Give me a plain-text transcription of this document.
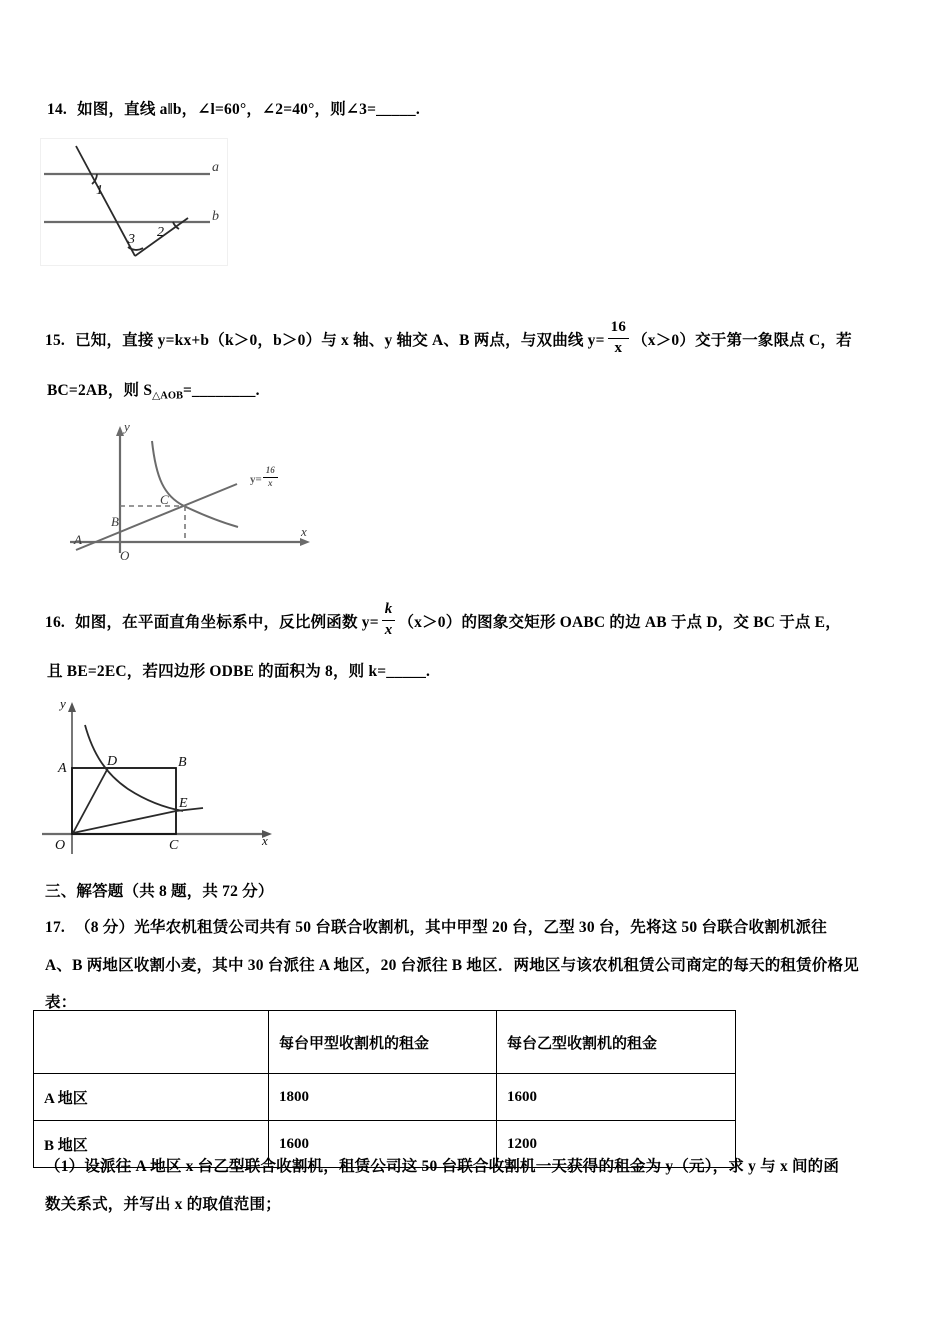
14. 如图，直线 a‖b，∠l=60°，∠2=40°，则∠3=_____.
a
b
1
2
3
15. 已知，直接 y=kx+b（k＞0，b＞0）与 x 轴、y 轴交 A、B 两点，与双曲线 $y= \frac{16}{x} (x>0)$交于第一象限点 C，若
BC=2AB，则 $S_{\triangle AOB}=\_\_\_\_\_\_\_\_$.
y
x
A
B
C
O
$y= \frac{16}{x}$
16. 如图，在平面直角坐标系中，反比例函数 $y= \frac{k}{x} (x>0)$的图象交矩形 OABC 的边 AB 于点 D，交 BC 于点 E，
且 BE=2EC，若四边形 ODBE 的面积为 8，则 k=_____.
A	B
C
D
E
O
y
x
三、解答题（共 8 题，共 72 分）
17. （8 分）光华农机租赁公司共有 50 台联合收割机，其中甲型 20 台，乙型 30 台，先将这 50 台联合收割机派往
A、B 两地区收割小麦，其中 30 台派往 A 地区，20 台派往 B 地区．两地区与该农机租赁公司商定的每天的租赁价格见
表：
	每台甲型收割机的租金	每台乙型收割机的租金
A 地区	1800	1600
B 地区	1600	1200
（1）设派往 A 地区 x 台乙型联合收割机，租赁公司这 50 台联合收割机一天获得的租金为 y（元），求 y 与 x 间的函
数关系式，并写出 x 的取值范围；
